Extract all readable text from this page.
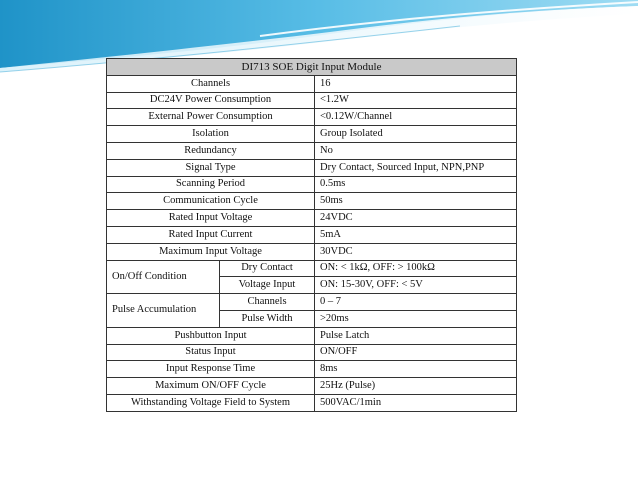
DI713 SOE Digit Input Module		
Channels		16
DC24V Power Consumption		<1.2W
External Power Consumption		<0.12W/Channel
Isolation		Group Isolated
Redundancy		No
Signal Type		Dry Contact, Sourced Input, NPN,PNP
Scanning Period		0.5ms
Communication Cycle		50ms
Rated Input Voltage		24VDC
Rated Input Current		5mA
Maximum Input Voltage		30VDC
On/Off Condition	Dry Contact	ON: < 1kΩ, OFF: > 100kΩ
	Voltage Input	ON: 15-30V, OFF: < 5V
Pulse Accumulation	Channels	0 – 7
	Pulse Width	>20ms
Pushbutton Input		Pulse Latch
Status Input		ON/OFF
Input Response Time		8ms
Maximum ON/OFF Cycle		25Hz (Pulse)
Withstanding Voltage Field to System		500VAC/1min
